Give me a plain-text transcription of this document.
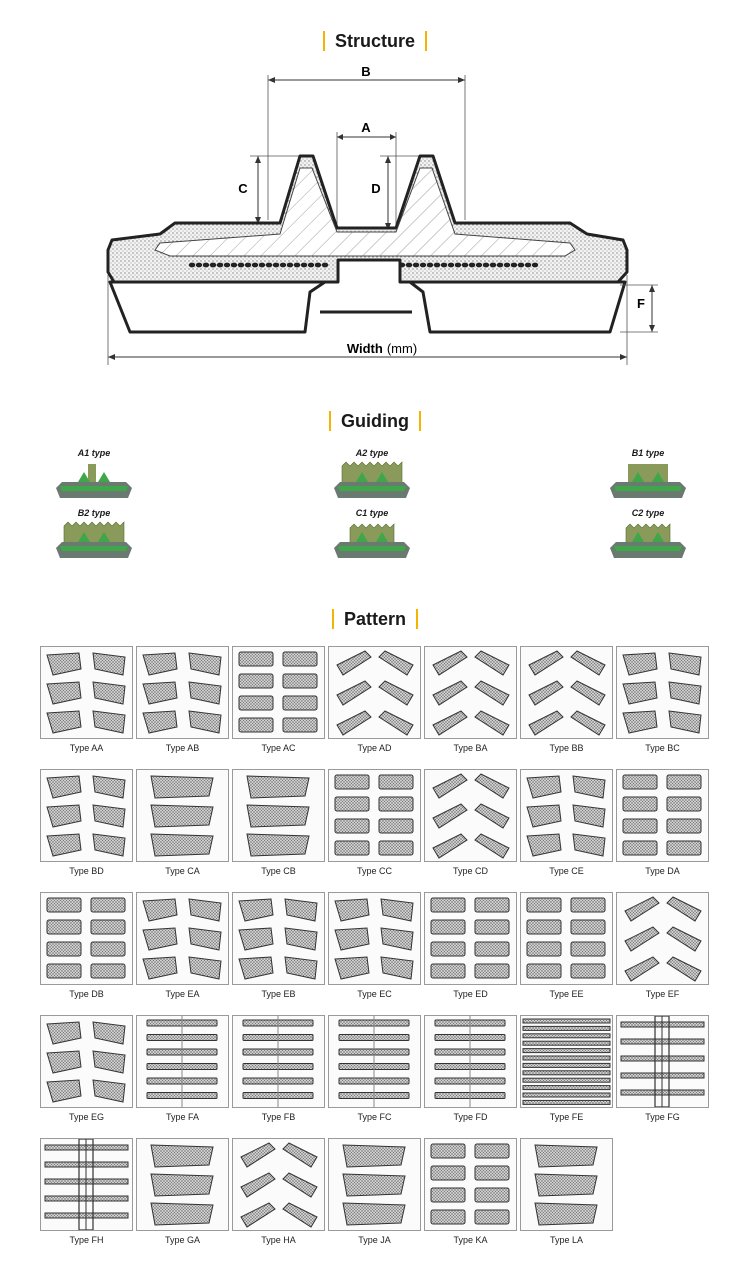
Structure
B
A
C	D
F
Width (mm)
Guiding
A1 type	A2 type	B1 type
B2 type	C1 type	C2 type
Pattern
Type AA	Type AB	Type AC	Type AD	Type BA	Type BB	Type BC
Type BD	Type CA	Type CB	Type CC	Type CD	Type CE	Type DA
Type DB	Type EA	Type EB	Type EC	Type ED	Type EE	Type EF
Type EG	Type FA	Type FB	Type FC	Type FD	Type FE	Type FG
Type FH	Type GA	Type HA	Type JA	Type KA	Type LA
